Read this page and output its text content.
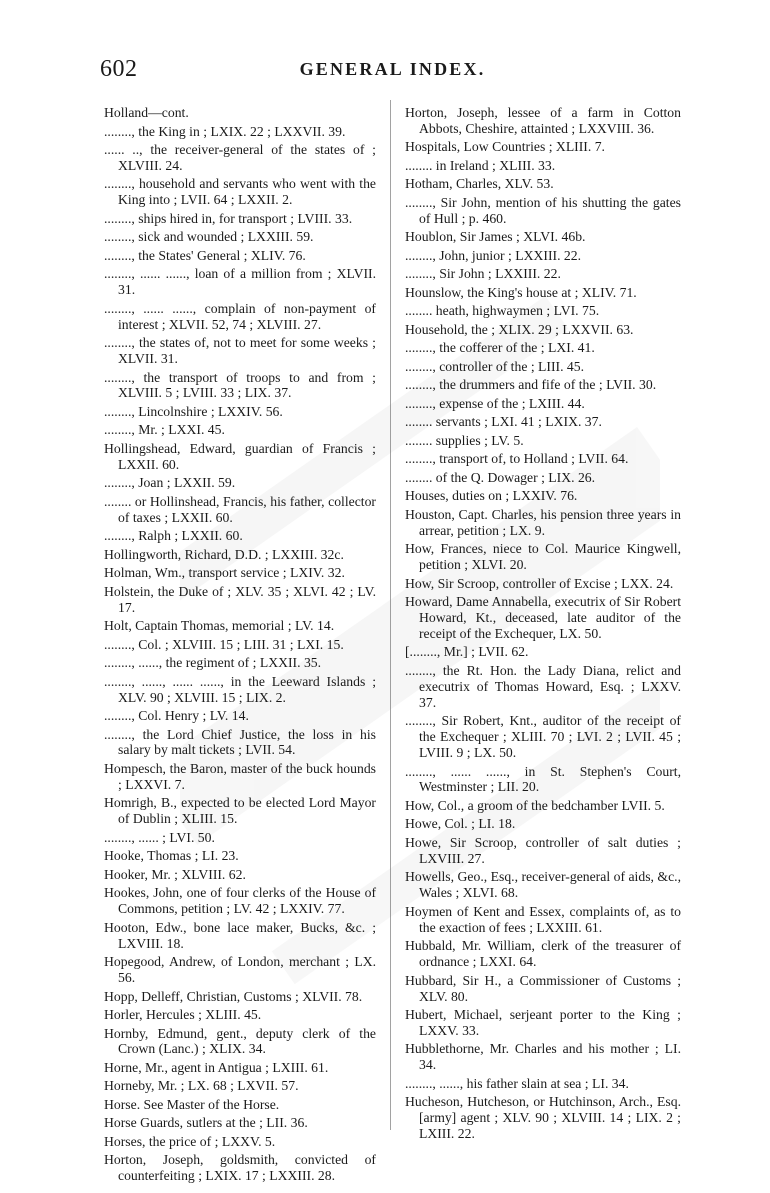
602	GENERAL INDEX.

Holland—cont.

........, the King in ; LXIX. 22 ; LXXVII. 39.

...... .., the receiver-general of the states of ; XLVIII. 24.

........, household and servants who went with the King into ; LVII. 64 ; LXXII. 2.

........, ships hired in, for transport ; LVIII. 33.

........, sick and wounded ; LXXIII. 59.

........, the States' General ; XLIV. 76.

........, ...... ......, loan of a million from ; XLVII. 31.

........, ...... ......, complain of non-payment of interest ; XLVII. 52, 74 ; XLVIII. 27.

........, the states of, not to meet for some weeks ; XLVII. 31.

........, the transport of troops to and from ; XLVIII. 5 ; LVIII. 33 ; LIX. 37.

........, Lincolnshire ; LXXIV. 56.

........, Mr. ; LXXI. 45.

Hollingshead, Edward, guardian of Francis ; LXXII. 60.

........, Joan ; LXXII. 59.

........ or Hollinshead, Francis, his father, collector of taxes ; LXXII. 60.

........, Ralph ; LXXII. 60.

Hollingworth, Richard, D.D. ; LXXIII. 32c.

Holman, Wm., transport service ; LXIV. 32.

Holstein, the Duke of ; XLV. 35 ; XLVI. 42 ; LV. 17.

Holt, Captain Thomas, memorial ; LV. 14.

........, Col. ; XLVIII. 15 ; LIII. 31 ; LXI. 15.

........, ......, the regiment of ; LXXII. 35.

........, ......, ...... ......, in the Leeward Islands ; XLV. 90 ; XLVIII. 15 ; LIX. 2.

........, Col. Henry ; LV. 14.

........, the Lord Chief Justice, the loss in his salary by malt tickets ; LVII. 54.

Hompesch, the Baron, master of the buck hounds ; LXXVI. 7.

Homrigh, B., expected to be elected Lord Mayor of Dublin ; XLIII. 15.

........, ...... ; LVI. 50.

Hooke, Thomas ; LI. 23.

Hooker, Mr. ; XLVIII. 62.

Hookes, John, one of four clerks of the House of Commons, petition ; LV. 42 ; LXXIV. 77.

Hooton, Edw., bone lace maker, Bucks, &c. ; LXVIII. 18.

Hopegood, Andrew, of London, merchant ; LX. 56.

Hopp, Delleff, Christian, Customs ; XLVII. 78.

Horler, Hercules ; XLIII. 45.

Hornby, Edmund, gent., deputy clerk of the Crown (Lanc.) ; XLIX. 34.

Horne, Mr., agent in Antigua ; LXIII. 61.

Horneby, Mr. ; LX. 68 ; LXVII. 57.

Horse. See Master of the Horse.

Horse Guards, sutlers at the ; LII. 36.

Horses, the price of ; LXXV. 5.

Horton, Joseph, goldsmith, convicted of counterfeiting ; LXIX. 17 ; LXXIII. 28.

Horton, Joseph, lessee of a farm in Cotton Abbots, Cheshire, attainted ; LXXVIII. 36.

Hospitals, Low Countries ; XLIII. 7.

........ in Ireland ; XLIII. 33.

Hotham, Charles, XLV. 53.

........, Sir John, mention of his shutting the gates of Hull ; p. 460.

Houblon, Sir James ; XLVI. 46b.

........, John, junior ; LXXIII. 22.

........, Sir John ; LXXIII. 22.

Hounslow, the King's house at ; XLIV. 71.

........ heath, highwaymen ; LVI. 75.

Household, the ; XLIX. 29 ; LXXVII. 63.

........, the cofferer of the ; LXI. 41.

........, controller of the ; LIII. 45.

........, the drummers and fife of the ; LVII. 30.

........, expense of the ; LXIII. 44.

........ servants ; LXI. 41 ; LXIX. 37.

........ supplies ; LV. 5.

........, transport of, to Holland ; LVII. 64.

........ of the Q. Dowager ; LIX. 26.

Houses, duties on ; LXXIV. 76.

Houston, Capt. Charles, his pension three years in arrear, petition ; LX. 9.

How, Frances, niece to Col. Maurice Kingwell, petition ; XLVI. 20.

How, Sir Scroop, controller of Excise ; LXX. 24.

Howard, Dame Annabella, executrix of Sir Robert Howard, Kt., deceased, late auditor of the receipt of the Exchequer, LX. 50.

[........, Mr.] ; LVII. 62.

........, the Rt. Hon. the Lady Diana, relict and executrix of Thomas Howard, Esq. ; LXXV. 37.

........, Sir Robert, Knt., auditor of the receipt of the Exchequer ; XLIII. 70 ; LVI. 2 ; LVII. 45 ; LVIII. 9 ; LX. 50.

........, ...... ......, in St. Stephen's Court, Westminster ; LII. 20.

How, Col., a groom of the bedchamber LVII. 5.

Howe, Col. ; LI. 18.

Howe, Sir Scroop, controller of salt duties ; LXVIII. 27.

Howells, Geo., Esq., receiver-general of aids, &c., Wales ; XLVI. 68.

Hoymen of Kent and Essex, complaints of, as to the exaction of fees ; LXXIII. 61.

Hubbald, Mr. William, clerk of the treasurer of ordnance ; LXXI. 64.

Hubbard, Sir H., a Commissioner of Customs ; XLV. 80.

Hubert, Michael, serjeant porter to the King ; LXXV. 33.

Hubblethorne, Mr. Charles and his mother ; LI. 34.

........, ......, his father slain at sea ; LI. 34.

Hucheson, Hutcheson, or Hutchinson, Arch., Esq. [army] agent ; XLV. 90 ; XLVIII. 14 ; LIX. 2 ; LXIII. 22.
